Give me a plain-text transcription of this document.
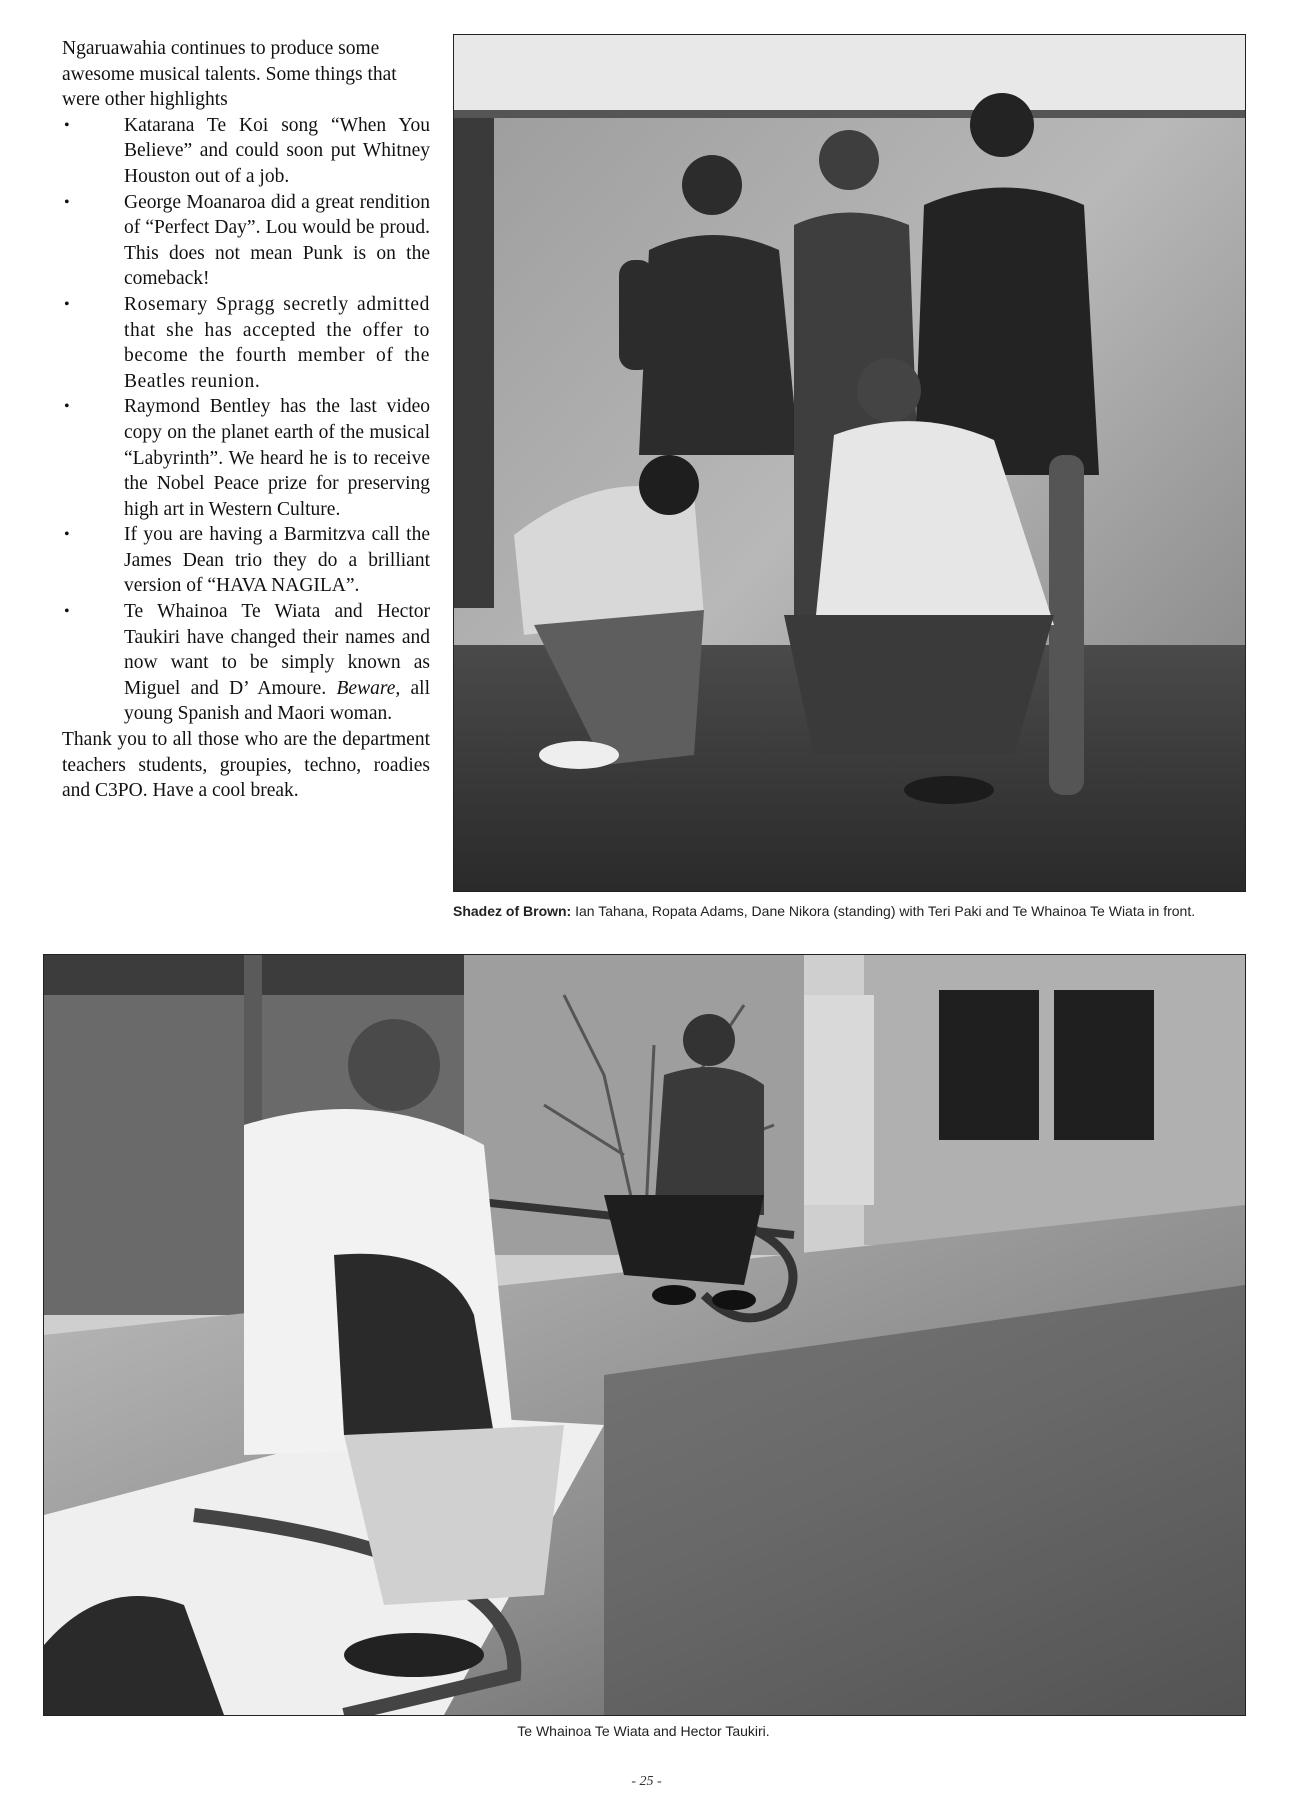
Ngaruawahia continues to produce some awesome musical talents. Some things that were other highlights

•	Katarana Te Koi song “When You Believe” and could soon put Whitney Houston out of a job.
•	George Moanaroa did a great rendition of “Perfect Day”. Lou would be proud. This does not mean Punk is on the comeback!
•	Rosemary Spragg secretly admitted that she has accepted the offer to become the fourth member of the Beatles reunion.
•	Raymond Bentley has the last video copy on the planet earth of the musical “Labyrinth”. We heard he is to receive the Nobel Peace prize for preserving high art in Western Culture.
•	If you are having a Barmitzva call the James Dean trio they do a brilliant version of “HAVA NAGILA”.
•	Te Whainoa Te Wiata and Hector Taukiri have changed their names and now want to be simply known as Miguel and D’ Amoure. Beware, all young Spanish and Maori woman.

Thank you to all those who are the department teachers students, groupies, techno, roadies and C3PO. Have a cool break.

Shadez of Brown: Ian Tahana, Ropata Adams, Dane Nikora (standing) with Teri Paki and Te Whainoa Te Wiata in front.
Te Whainoa Te Wiata and Hector Taukiri.
- 25 -
